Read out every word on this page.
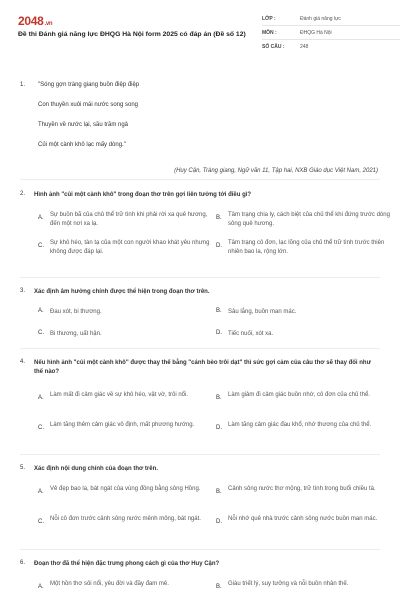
2048.vn
Đề thi Đánh giá năng lực ĐHQG Hà Nội form 2025 có đáp án (Đề số 12)
LỚP :	Đánh giá năng lực
MÔN :	ĐHQG Hà Nội
SỐ CÂU :	248
1. "Sóng gợn tràng giang buồn điệp điệp
Con thuyền xuôi mái nước song song
Thuyền về nước lại, sầu trăm ngả
Củi một cành khô lạc mấy dòng."
(Huy Cận, Tràng giang, Ngữ văn 11, Tập hai, NXB Giáo dục Việt Nam, 2021)
2. Hình ảnh "củi một cành khô" trong đoạn thơ trên gợi liên tưởng tới điều gì?
A. Sự buồn bã của chủ thể trữ tình khi phải rời xa quê hương, đến một nơi xa lạ.
B. Tâm trạng chia ly, cách biệt của chủ thể khi đứng trước dòng sông quê hương.
C. Sự khô héo, tàn tạ của một con người khao khát yêu nhưng không được đáp lại.
D. Tâm trạng cô đơn, lạc lõng của chủ thể trữ tình trước thiên nhiên bao la, rộng lớn.
3. Xác định âm hưởng chính được thể hiện trong đoạn thơ trên.
A. Đau xót, bi thương.	B. Sâu lắng, buồn man mác.
C. Bi thương, uất hận.	D. Tiếc nuối, xót xa.
4. Nếu hình ảnh "củi một cành khô" được thay thế bằng "cánh bèo trôi dạt" thì sức gợi cảm của câu thơ sẽ thay đổi như thế nào?
A. Làm mất đi cảm giác về sự khô héo, vật vờ, trôi nổi.	B. Làm giảm đi cảm giác buồn nhớ, cô đơn của chủ thể.
C. Làm tăng thêm cảm giác vô định, mất phương hướng.	D. Làm tăng cảm giác đau khổ, nhớ thương của chủ thể.
5. Xác định nội dung chính của đoạn thơ trên.
A. Vẻ đẹp bao la, bát ngát của vùng đồng bằng sông Hồng.	B. Cảnh sông nước thơ mộng, trữ tình trong buổi chiều tà.
C. Nỗi cô đơn trước cảnh sông nước mênh mông, bát ngát.	D. Nỗi nhớ quê nhà trước cảnh sông nước buồn man mác.
6. Đoạn thơ đã thể hiện đặc trưng phong cách gì của thơ Huy Cận?
A. Một hồn thơ sôi nổi, yêu đời và đầy đam mê.	B. Giàu triết lý, suy tưởng và nỗi buồn nhân thế.
